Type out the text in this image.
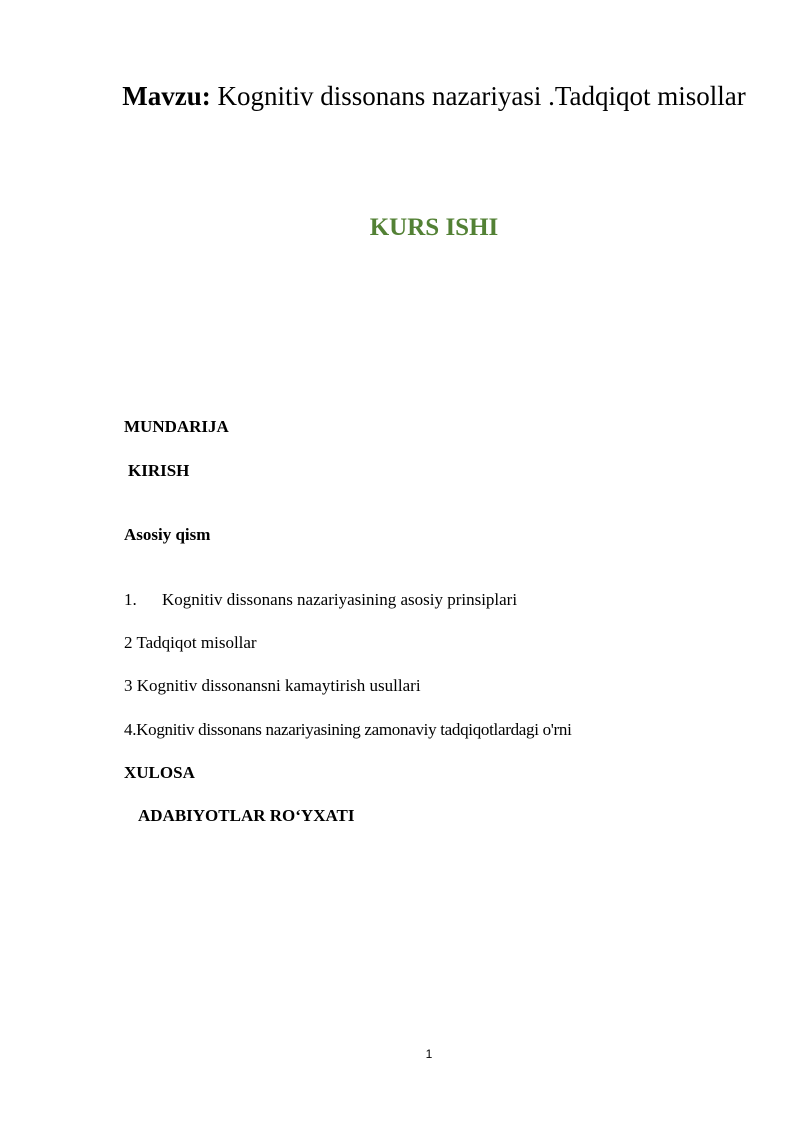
Mavzu: Kognitiv dissonans nazariyasi .Tadqiqot misollar
KURS ISHI
MUNDARIJA
KIRISH
Asosiy qism
1. Kognitiv dissonans nazariyasining asosiy prinsiplari
2 Tadqiqot misollar
3 Kognitiv dissonansni kamaytirish usullari
4.Kognitiv dissonans nazariyasining zamonaviy tadqiqotlardagi o'rni
XULOSA
ADABIYOTLAR RO‘YXATI
1
